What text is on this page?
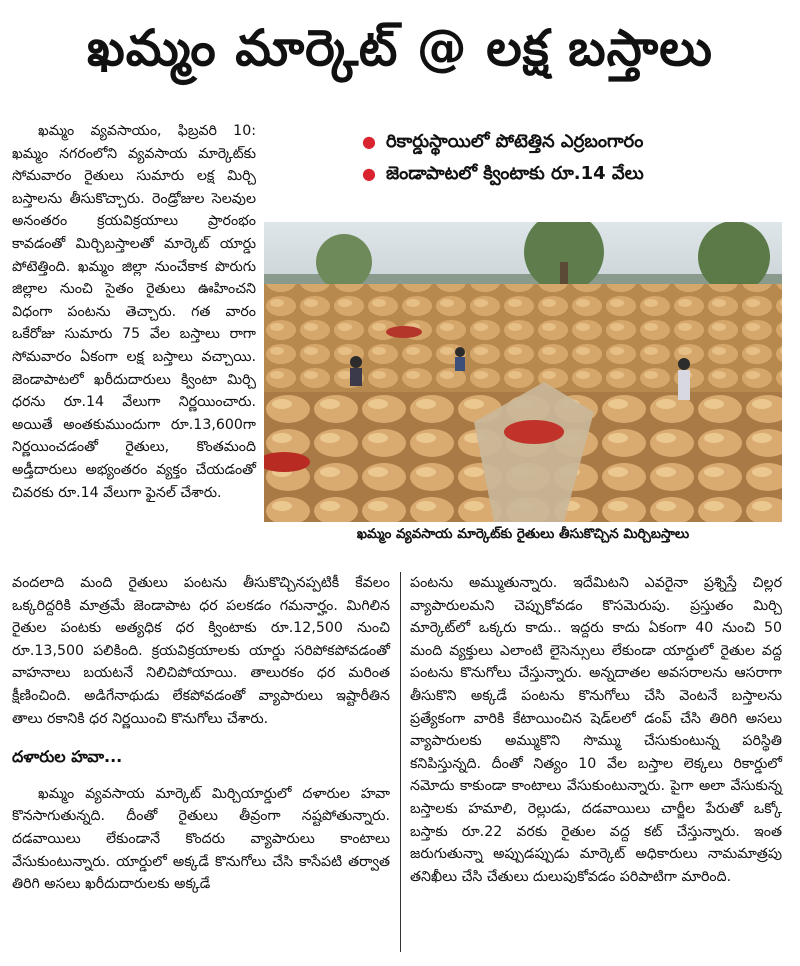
ఖమ్మం మార్కెట్ @ లక్ష బస్తాలు
● రికార్డుస్థాయిలో పోటెత్తిన ఎర్రబంగారం
● జెండాపాటలో క్వింటాకు రూ.14 వేలు

ఖమ్మం వ్యవసాయం, ఫిబ్రవరి 10: ఖమ్మం నగరంలోని వ్యవసాయ మార్కెట్‌కు సోమవారం రైతులు సుమారు లక్ష మిర్చి బస్తాలను తీసుకొచ్చారు. రెండ్రోజుల సెలవుల అనంతరం క్రయవిక్రయాలు ప్రారంభం కావడంతో మిర్చిబస్తాలతో మార్కెట్ యార్డు పోటెత్తింది. ఖమ్మం జిల్లా నుంచేకాక పొరుగు జిల్లాల నుంచి సైతం రైతులు ఊహించని విధంగా పంటను తెచ్చారు. గత వారం ఒకేరోజు సుమారు 75 వేల బస్తాలు రాగా సోమవారం ఏకంగా లక్ష బస్తాలు వచ్చాయి. జెండాపాటలో ఖరీదుదారులు క్వింటా మిర్చి ధరను రూ.14 వేలుగా నిర్ణయించారు. అయితే అంతకుముందుగా రూ.13,600గా నిర్ణయించడంతో రైతులు, కొంతమంది అడ్తీదారులు అభ్యంతరం వ్యక్తం చేయడంతో చివరకు రూ.14 వేలుగా ఫైనల్ చేశారు.

ఖమ్మం వ్యవసాయ మార్కెట్‌కు రైతులు తీసుకొచ్చిన మిర్చిబస్తాలు

వందలాది మంది రైతులు పంటను తీసుకొచ్చినప్పటికీ కేవలం ఒక్కరిద్దరికి మాత్రమే జెండాపాట ధర పలకడం గమనార్హం. మిగిలిన రైతుల పంటకు అత్యధిక ధర క్వింటాకు రూ.12,500 నుంచి రూ.13,500 పలికింది. క్రయవిక్రయాలకు యార్డు సరిపోకపోవడంతో వాహనాలు బయటనే నిలిచిపోయాయి. తాలురకం ధర మరింత క్షీణించింది. అడిగేనాథుడు లేకపోవడంతో వ్యాపారులు ఇష్టారీతిన తాలు రకానికి ధర నిర్ణయించి కొనుగోలు చేశారు.

దళారుల హవా...

ఖమ్మం వ్యవసాయ మార్కెట్ మిర్చియార్డులో దళారుల హవా కొనసాగుతున్నది. దీంతో రైతులు తీవ్రంగా నష్టపోతున్నారు. దడవాయిలు లేకుండానే కొందరు వ్యాపారులు కాంటాలు వేసుకుంటున్నారు. యార్డులో అక్కడే కొనుగోలు చేసి కాసేపటి తర్వాత తిరిగి అసలు ఖరీదుదారులకు అక్కడే

పంటను అమ్ముతున్నారు. ఇదేమిటని ఎవరైనా ప్రశ్నిస్తే చిల్లర వ్యాపారులమని చెప్పుకోవడం కొసమెరుపు. ప్రస్తుతం మిర్చి మార్కెట్‌లో ఒక్కరు కాదు.. ఇద్దరు కాదు ఏకంగా 40 నుంచి 50 మంది వ్యక్తులు ఎలాంటి లైసెన్సులు లేకుండా యార్డులో రైతుల వద్ద పంటను కొనుగోలు చేస్తున్నారు. అన్నదాతల అవసరాలను ఆసరాగా తీసుకొని అక్కడే పంటను కొనుగోలు చేసి వెంటనే బస్తాలను ప్రత్యేకంగా వారికి కేటాయించిన షెడ్‌లలో డంప్ చేసి తిరిగి అసలు వ్యాపారులకు అమ్ముకొని సొమ్ము చేసుకుంటున్న పరిస్థితి కనిపిస్తున్నది. దీంతో నిత్యం 10 వేల బస్తాల లెక్కలు రికార్డులో నమోదు కాకుండా కాంటాలు వేసుకుంటున్నారు. పైగా అలా వేసుకున్న బస్తాలకు హమాలి, రెల్లుడు, దడవాయిలు చార్జీల పేరుతో ఒక్కో బస్తాకు రూ.22 వరకు రైతుల వద్ద కట్ చేస్తున్నారు. ఇంత జరుగుతున్నా అప్పుడప్పుడు మార్కెట్ అధికారులు నామమాత్రపు తనిఖీలు చేసి చేతులు దులుపుకోవడం పరిపాటిగా మారింది.
